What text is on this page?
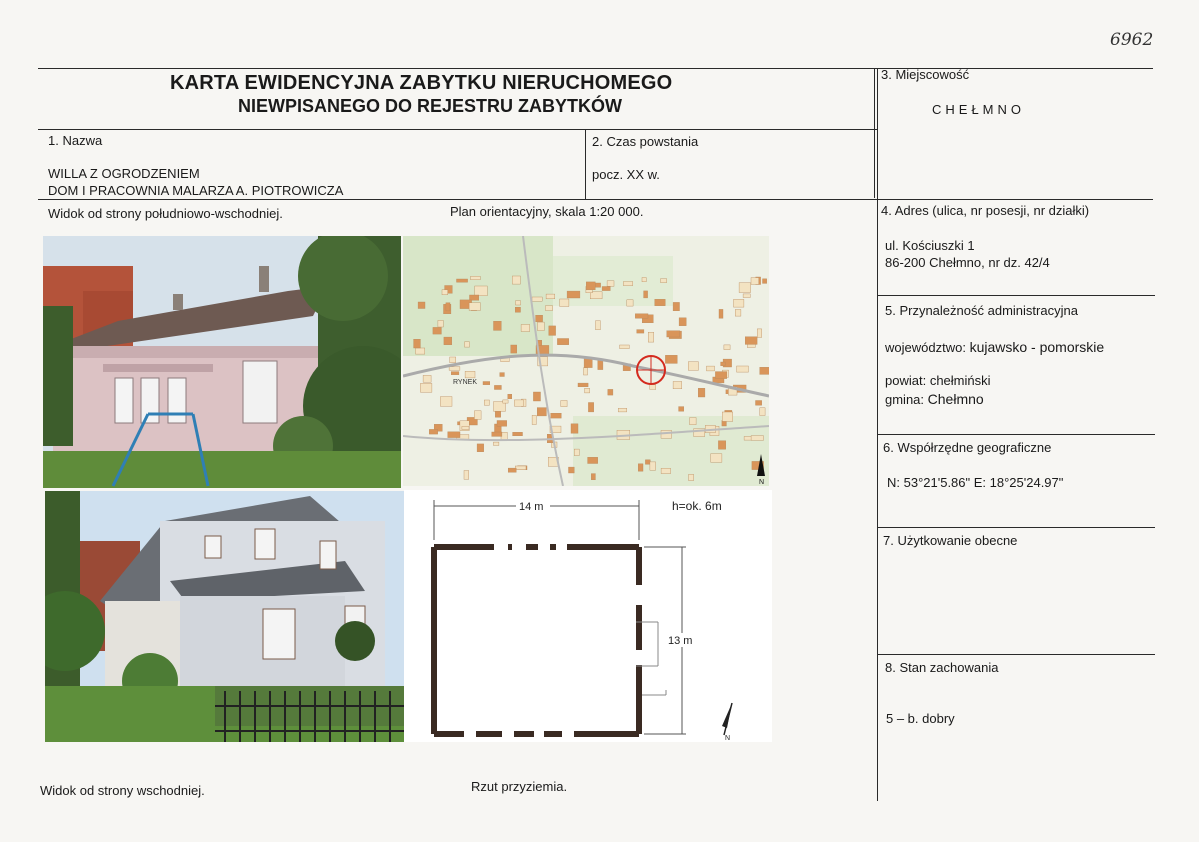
6962
KARTA EWIDENCYJNA ZABYTKU NIERUCHOMEGO
NIEWPISANEGO DO REJESTRU ZABYTKÓW
1. Nazwa
WILLA Z OGRODZENIEM
DOM I PRACOWNIA MALARZA A. PIOTROWICZA
2. Czas powstania
pocz. XX w.
3. Miejscowość
CHEŁMNO
4. Adres (ulica, nr posesji, nr działki)
ul. Kościuszki 1
86-200 Chełmno, nr dz. 42/4
5. Przynależność administracyjna
województwo: kujawsko - pomorskie
powiat: chełmiński
gmina: Chełmno
6. Współrzędne geograficzne
N: 53°21'5.86" E: 18°25'24.97"
7. Użytkowanie obecne
8. Stan zachowania
5 – b. dobry
Widok od strony południowo-wschodniej.	Plan orientacyjny, skala 1:20 000.
Widok od strony wschodniej.	Rzut przyziemia.
RYNEK
N
14 m	h=ok. 6m
13 m
N
